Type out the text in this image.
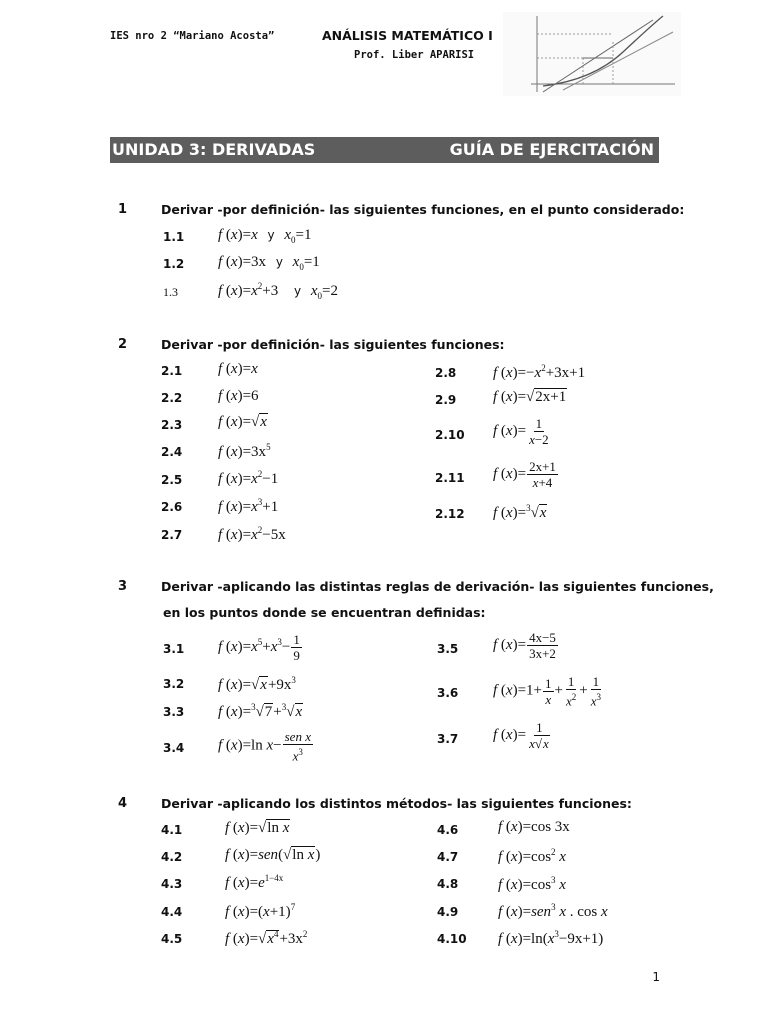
IES nro 2 “Mariano Acosta”	ANÁLISIS MATEMÁTICO I
Prof. Liber APARISI
UNIDAD 3: DERIVADAS	GUÍA DE EJERCITACIÓN
1	Derivar -por definición- las siguientes funciones, en el punto considerado:
1.1 f (x)=x y $x_0=1$
1.2 f (x)=3x y $x_0=1$
1.3	f $(x)=x^2+3$ y $x_0=2$
2	Derivar -por definición- las siguientes funciones:
2.1 f (x)=x
2.2 f (x)=6
2.3 f (x)=√x
2.4 f $(x)=3x^5$
2.5 f $(x)=x^2-1$
2.6 f $(x)=x^3+1$
2.7 f $(x)=x^2-5x$
2.8 f $(x)=-x^2+3x+1$
2.9 f (x)=√2x+1
2.10 f $(x)= \frac{1}{x-2}$
2.11 f $(x)= \frac{2x+1}{x+4}$
2.12 f (x)=$^3$√x
3	Derivar -aplicando las distintas reglas de derivación- las siguientes funciones,
en los puntos donde se encuentran definidas:
3.1 f $(x)=x^5+x^3- \frac{1}{9}$
3.2 f $(x)=√x+9x^3$
3.3 f (x)=$^3$√7+$^3$√x
3.4 f (x)=ln $x- \frac{\text{sen x}}{x^3}$
3.5 f $(x)= \frac{4x-5}{3x+2}$
3.6 f $(x)=1+ \frac{1}{x} + \frac{1}{x^2} + \frac{1}{x^3}$
3.7 f $(x)= \frac{1}{x√x}$
4	Derivar -aplicando los distintos métodos- las siguientes funciones:
4.1	f (x)=√ln x
4.2	f (x)=sen(√ln x)
4.3	f $(x)=e^{1-4x}$
4.4	f $(x)=(x+1)^7$
4.5	f $(x)=√x^4+3x^2$
4.6	f (x)=cos 3x
4.7	f $(x)=\cos^2$ x
4.8	f $(x)=\cos^3$ x
4.9	f (x)=sen$^3$ x . cos x
4.10 f $(x)=\ln(x^3-9x+1)$
1
